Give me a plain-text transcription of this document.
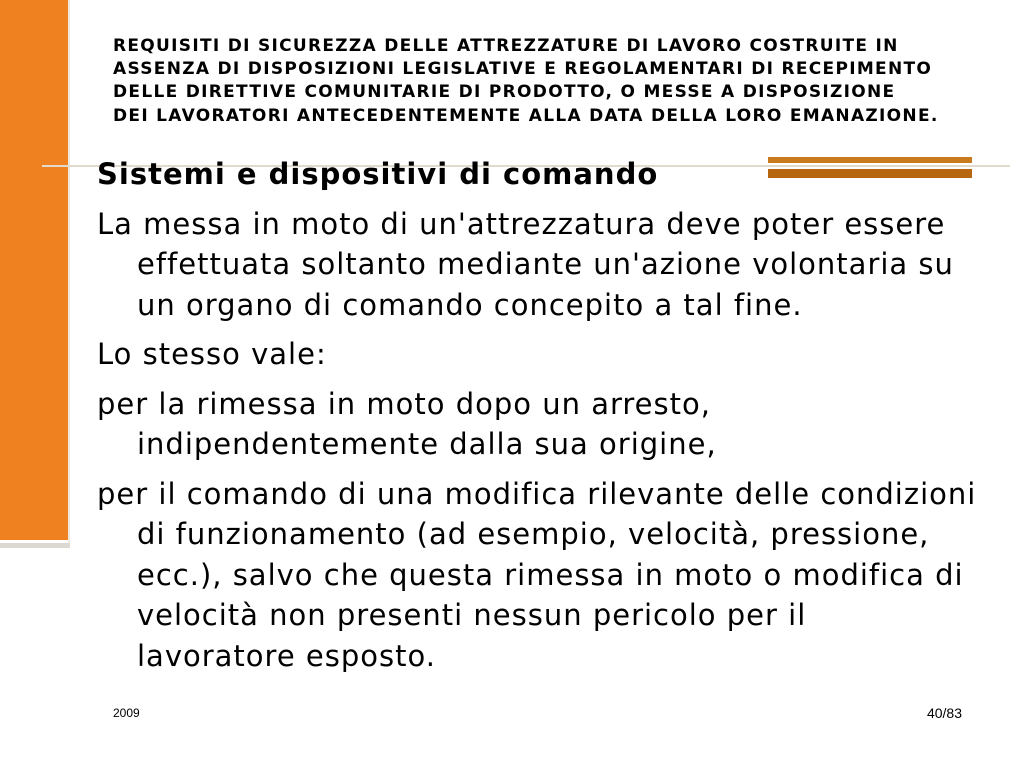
REQUISITI DI SICUREZZA DELLE ATTREZZATURE DI LAVORO COSTRUITE IN
ASSENZA DI DISPOSIZIONI LEGISLATIVE E REGOLAMENTARI DI RECEPIMENTO
DELLE DIRETTIVE COMUNITARIE DI PRODOTTO, O MESSE A DISPOSIZIONE
DEI LAVORATORI ANTECEDENTEMENTE ALLA DATA DELLA LORO EMANAZIONE.
Sistemi e dispositivi di comando
La messa in moto di un'attrezzatura deve poter essere
effettuata soltanto mediante un'azione volontaria su
un organo di comando concepito a tal fine.
Lo stesso vale:
per la rimessa in moto dopo un arresto,
indipendentemente dalla sua origine,
per il comando di una modifica rilevante delle condizioni
di funzionamento (ad esempio, velocità, pressione,
ecc.), salvo che questa rimessa in moto o modifica di
velocità non presenti nessun pericolo per il
lavoratore esposto.
2009	40/83
